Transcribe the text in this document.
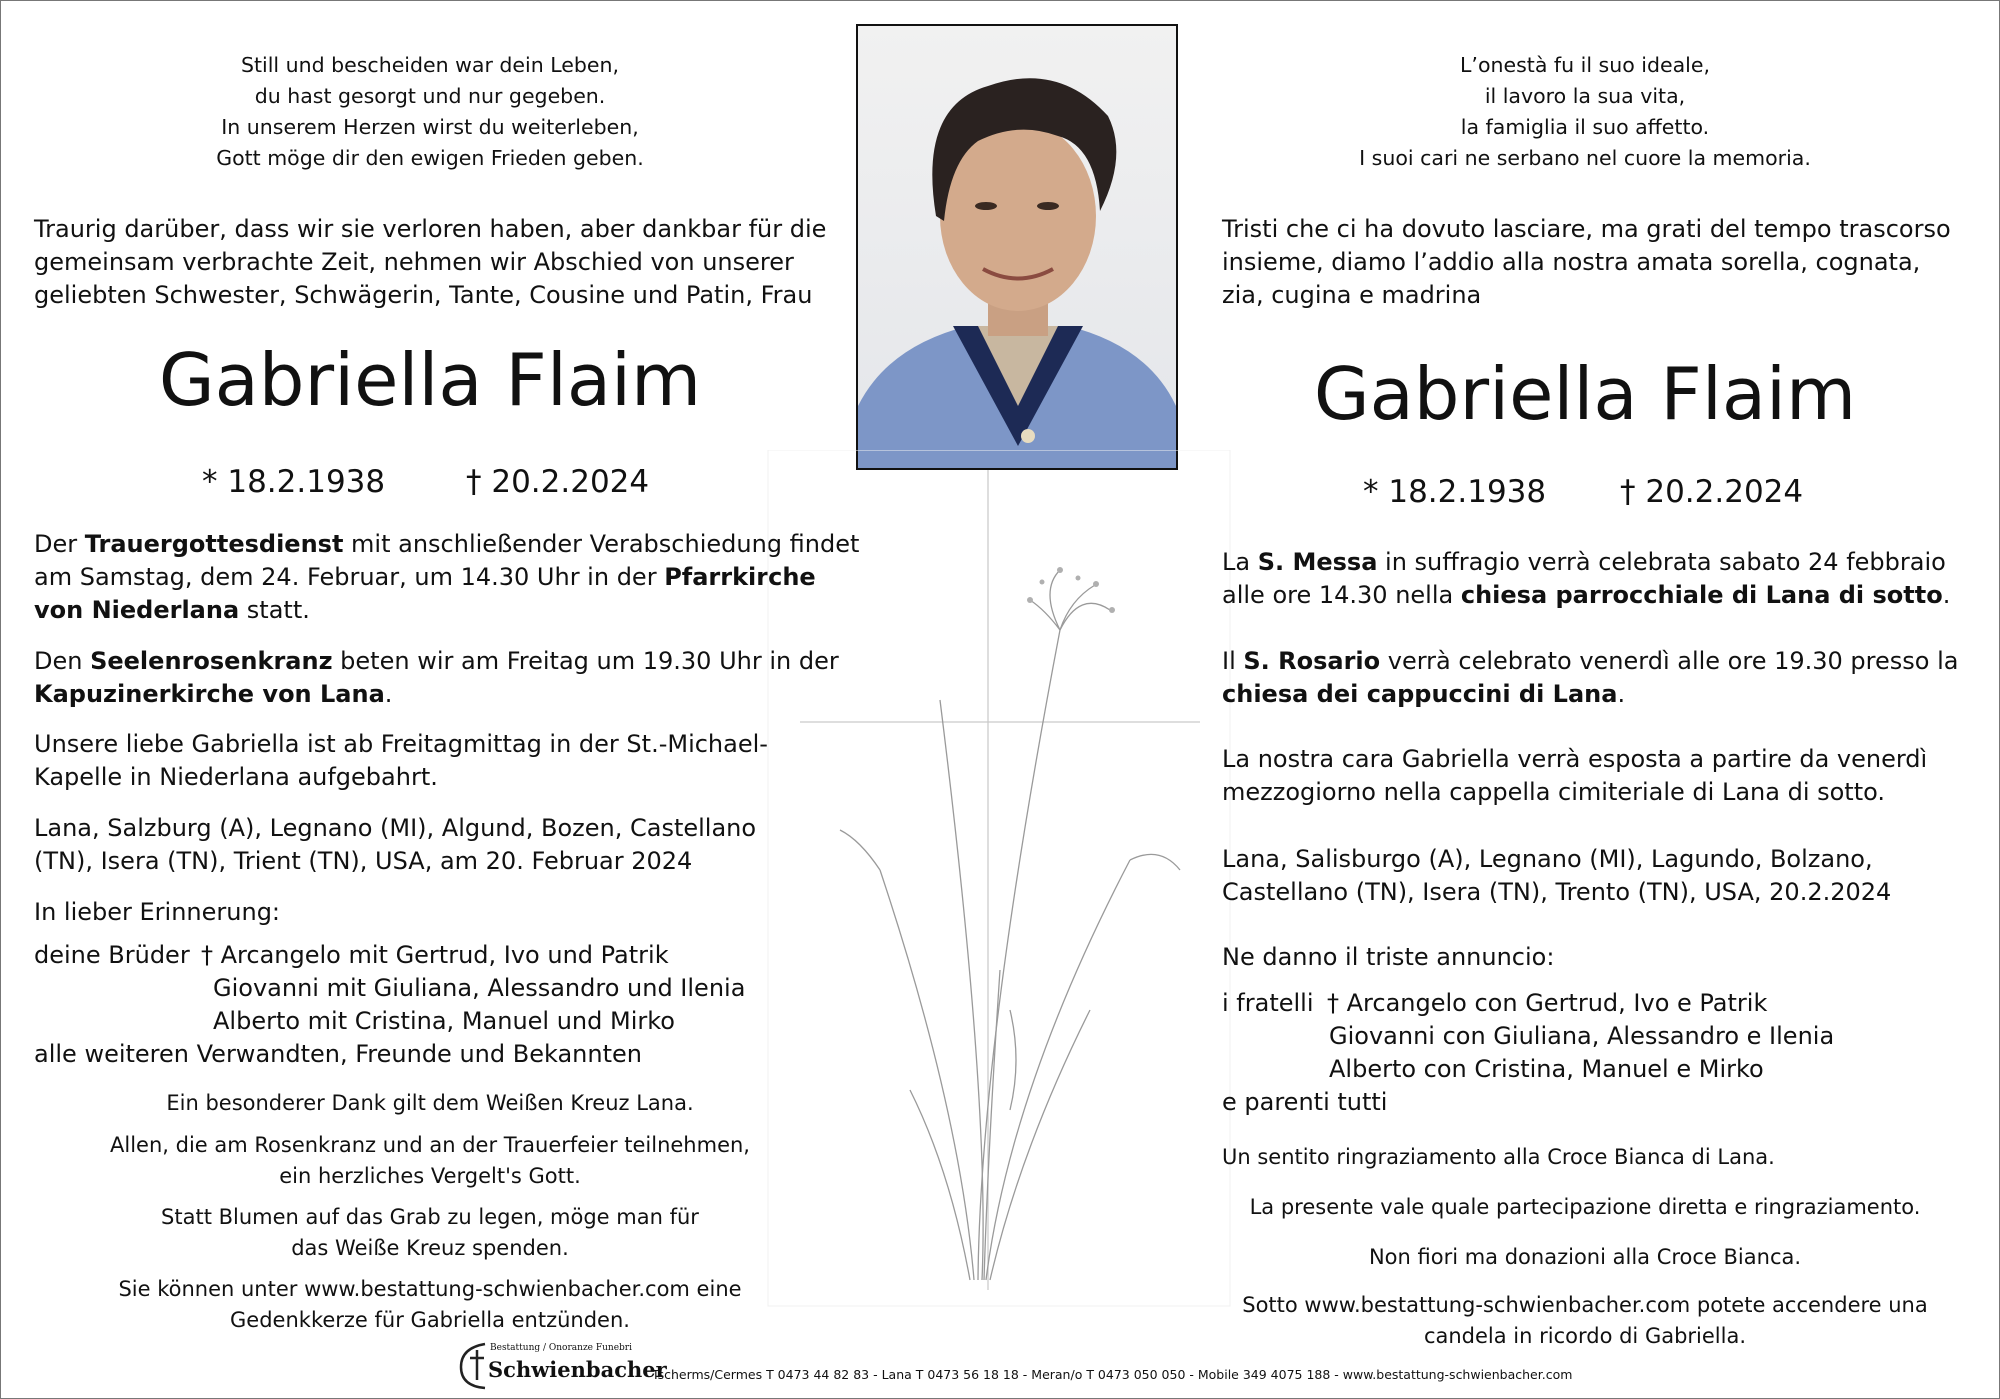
Still und bescheiden war dein Leben,
du hast gesorgt und nur gegeben.
In unserem Herzen wirst du weiterleben,
Gott möge dir den ewigen Frieden geben.
Traurig darüber, dass wir sie verloren haben, aber dankbar für die
gemeinsam verbrachte Zeit, nehmen wir Abschied von unserer
geliebten Schwester, Schwägerin, Tante, Cousine und Patin, Frau
Gabriella Flaim
* 18.2.1938	† 20.2.2024
Der Trauergottesdienst mit anschließender Verabschiedung findet
am Samstag, dem 24. Februar, um 14.30 Uhr in der Pfarrkirche
von Niederlana statt.
Den Seelenrosenkranz beten wir am Freitag um 19.30 Uhr in der
Kapuzinerkirche von Lana.
Unsere liebe Gabriella ist ab Freitagmittag in der St.-Michael-
Kapelle in Niederlana aufgebahrt.
Lana, Salzburg (A), Legnano (MI), Algund, Bozen, Castellano
(TN), Isera (TN), Trient (TN), USA, am 20. Februar 2024
In lieber Erinnerung:
deine Brüder † Arcangelo mit Gertrud, Ivo und Patrik
Giovanni mit Giuliana, Alessandro und Ilenia
Alberto mit Cristina, Manuel und Mirko
alle weiteren Verwandten, Freunde und Bekannten
Ein besonderer Dank gilt dem Weißen Kreuz Lana.
Allen, die am Rosenkranz und an der Trauerfeier teilnehmen,
ein herzliches Vergelt's Gott.
Statt Blumen auf das Grab zu legen, möge man für
das Weiße Kreuz spenden.
Sie können unter www.bestattung-schwienbacher.com eine
Gedenkkerze für Gabriella entzünden.
L’onestà fu il suo ideale,
il lavoro la sua vita,
la famiglia il suo affetto.
I suoi cari ne serbano nel cuore la memoria.
Tristi che ci ha dovuto lasciare, ma grati del tempo trascorso
insieme, diamo l’addio alla nostra amata sorella, cognata,
zia, cugina e madrina
Gabriella Flaim
* 18.2.1938 † 20.2.2024
La S. Messa in suffragio verrà celebrata sabato 24 febbraio
alle ore 14.30 nella chiesa parrocchiale di Lana di sotto.
Il S. Rosario verrà celebrato venerdì alle ore 19.30 presso la
chiesa dei cappuccini di Lana.
La nostra cara Gabriella verrà esposta a partire da venerdì
mezzogiorno nella cappella cimiteriale di Lana di sotto.
Lana, Salisburgo (A), Legnano (MI), Lagundo, Bolzano,
Castellano (TN), Isera (TN), Trento (TN), USA, 20.2.2024
Ne danno il triste annuncio:
i fratelli † Arcangelo con Gertrud, Ivo e Patrik
Giovanni con Giuliana, Alessandro e Ilenia
Alberto con Cristina, Manuel e Mirko
e parenti tutti
Un sentito ringraziamento alla Croce Bianca di Lana.
La presente vale quale partecipazione diretta e ringraziamento.
Non fiori ma donazioni alla Croce Bianca.
Sotto www.bestattung-schwienbacher.com potete accendere una
candela in ricordo di Gabriella.
Bestattung / Onoranze Funebri
Schwienbacher
Tscherms/Cermes T 0473 44 82 83 - Lana T 0473 56 18 18 - Meran/o T 0473 050 050 - Mobile 349 4075 188 - www.bestattung-schwienbacher.com
